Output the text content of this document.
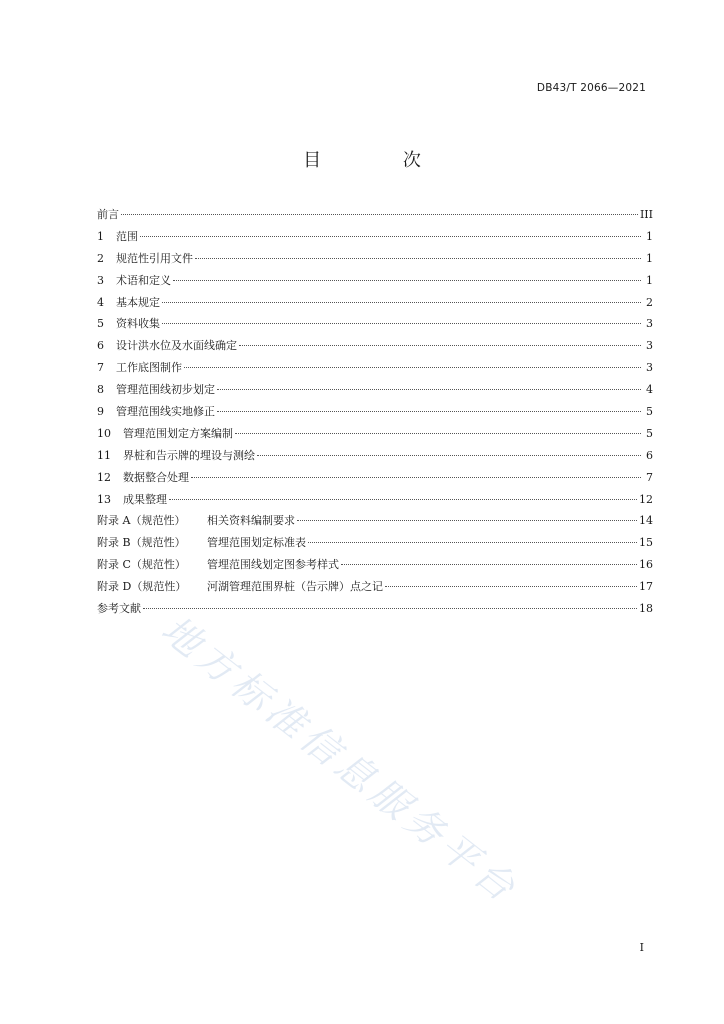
DB43/T 2066—2021
目 次
前言	III
1 范围	1
2 规范性引用文件	1
3 术语和定义	1
4 基本规定	2
5 资料收集	3
6 设计洪水位及水面线确定	3
7 工作底图制作	3
8 管理范围线初步划定	4
9 管理范围线实地修正	5
10 管理范围划定方案编制	5
11 界桩和告示牌的埋设与测绘	6
12 数据整合处理	7
13 成果整理	12
附录 A（规范性） 相关资料编制要求	14
附录 B（规范性） 管埋范围划定标准表	15
附录 C（规范性） 管埋范围线划定图参考样式	16
附录 D（规范性） 河湖管理范围界桩（告示牌）点之记	17
参考文献	18
地方标准信息服务平台
I
